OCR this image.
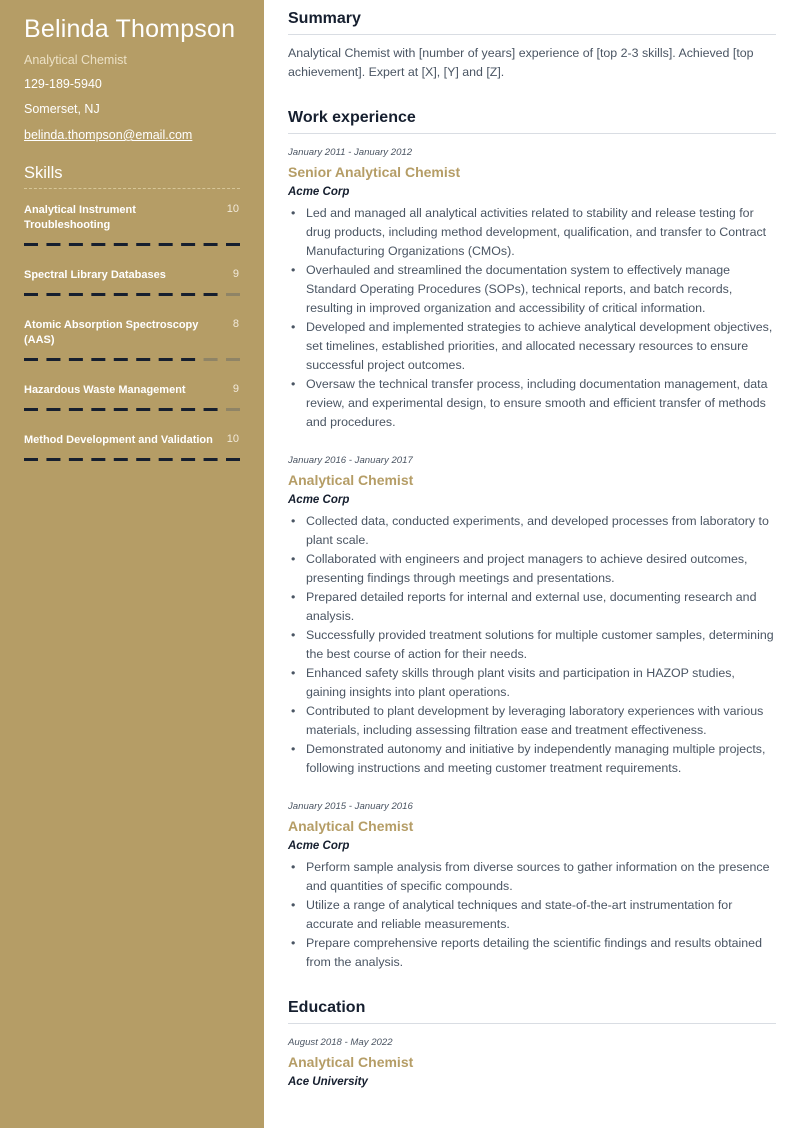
Belinda Thompson
Analytical Chemist
129-189-5940
Somerset, NJ
belinda.thompson@email.com
Skills
Analytical Instrument Troubleshooting
10
Spectral Library Databases	9
Atomic Absorption Spectroscopy (AAS)
8
Hazardous Waste Management	9
Method Development and Validation 10
Summary
Analytical Chemist with [number of years] experience of [top 2-3 skills]. Achieved [top achievement]. Expert at [X], [Y] and [Z].
Work experience
January 2011 - January 2012
Senior Analytical Chemist
Acme Corp
• Led and managed all analytical activities related to stability and release testing for drug products, including method development, qualification, and transfer to Contract Manufacturing Organizations (CMOs).
• Overhauled and streamlined the documentation system to effectively manage Standard Operating Procedures (SOPs), technical reports, and batch records, resulting in improved organization and accessibility of critical information.
• Developed and implemented strategies to achieve analytical development objectives, set timelines, established priorities, and allocated necessary resources to ensure successful project outcomes.
• Oversaw the technical transfer process, including documentation management, data review, and experimental design, to ensure smooth and efficient transfer of methods and procedures.
January 2016 - January 2017
Analytical Chemist
Acme Corp
• Collected data, conducted experiments, and developed processes from laboratory to plant scale.
• Collaborated with engineers and project managers to achieve desired outcomes, presenting findings through meetings and presentations.
• Prepared detailed reports for internal and external use, documenting research and analysis.
• Successfully provided treatment solutions for multiple customer samples, determining the best course of action for their needs.
• Enhanced safety skills through plant visits and participation in HAZOP studies, gaining insights into plant operations.
• Contributed to plant development by leveraging laboratory experiences with various materials, including assessing filtration ease and treatment effectiveness.
• Demonstrated autonomy and initiative by independently managing multiple projects, following instructions and meeting customer treatment requirements.
January 2015 - January 2016
Analytical Chemist
Acme Corp
• Perform sample analysis from diverse sources to gather information on the presence and quantities of specific compounds.
• Utilize a range of analytical techniques and state-of-the-art instrumentation for accurate and reliable measurements.
• Prepare comprehensive reports detailing the scientific findings and results obtained from the analysis.
Education
August 2018 - May 2022
Analytical Chemist
Ace University
